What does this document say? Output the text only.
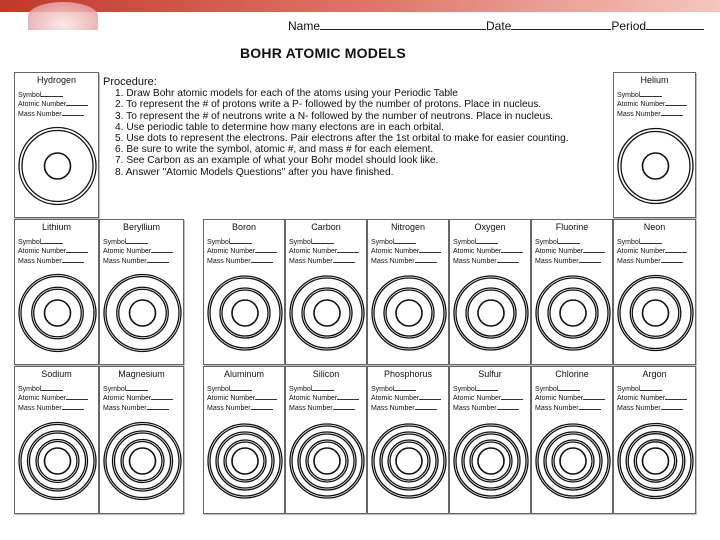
Name	Date	Period
BOHR ATOMIC MODELS
Procedure:
1. Draw Bohr atomic models for each of the atoms using your Periodic Table
2. To represent the # of protons write a P- followed by the number of protons. Place in nucleus.
3. To represent the # of neutrons write a N- followed by the number of neutrons. Place in nucleus.
4. Use periodic table to determine how many electons are in each orbital.
5. Use dots to represent the electrons. Pair electrons after the 1st orbital to make for easier counting.
6. Be sure to write the symbol, atomic #, and mass # for each element.
7. See Carbon as an example of what your Bohr model should look like.
8. Answer "Atomic Models Questions" after you have finished.
Hydrogen
Symbol
Atomic Number
Mass Number
Helium
Symbol
Atomic Number
Mass Number
Lithium
Symbol
Atomic Number
Mass Number
Beryllium
Symbol
Atomic Number
Mass Number
Boron
Symbol
Atomic Number
Mass Number
Carbon
Symbol
Atomic Number
Mass Number
Nitrogen
Symbol
Atomic Number
Mass Number
Oxygen
Symbol
Atomic Number
Mass Number
Fluorine
Symbol
Atomic Number
Mass Number
Neon
Symbol
Atomic Number
Mass Number
Sodium
Symbol
Atomic Number
Mass Number
Magnesium
Symbol
Atomic Number
Mass Number
Aluminum
Symbol
Atomic Number
Mass Number
Silicon
Symbol
Atomic Number
Mass Number
Phosphorus
Symbol
Atomic Number
Mass Number
Sulfur
Symbol
Atomic Number
Mass Number
Chlorine
Symbol
Atomic Number
Mass Number
Argon
Symbol
Atomic Number
Mass Number
